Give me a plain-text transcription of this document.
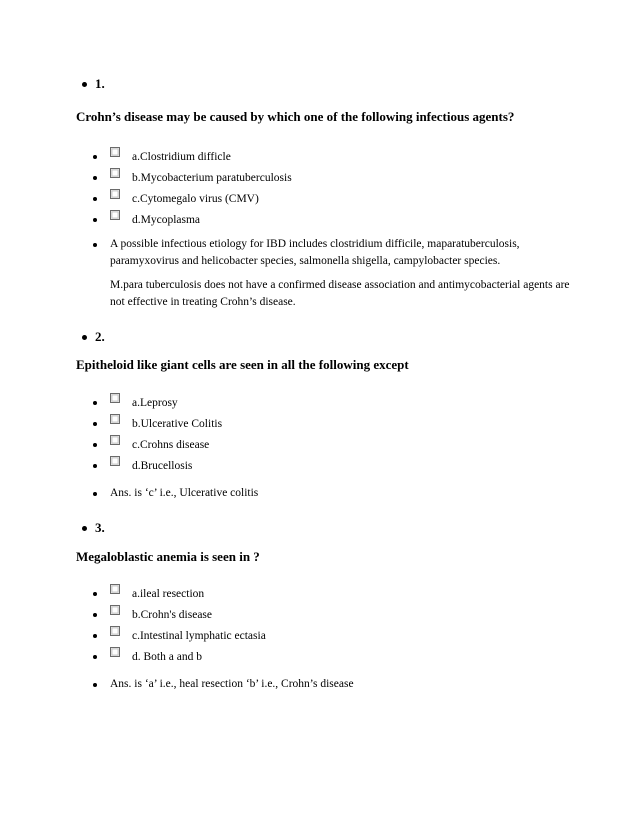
1.
Crohn’s disease may be caused by which one of the following infectious agents?
a.Clostridium difficle
b.Mycobacterium paratuberculosis
c.Cytomegalo virus (CMV)
d.Mycoplasma

A possible infectious etiology for IBD includes clostridium difficile, maparatuberculosis, paramyxovirus and helicobacter species, salmonella shigella, campylobacter species.

M.para tuberculosis does not have a confirmed disease association and antimycobacterial agents are not effective in treating Crohn’s disease.

2.
Epitheloid like giant cells are seen in all the following except
a.Leprosy
b.Ulcerative Colitis
c.Crohns disease
d.Brucellosis

Ans. is ‘c’ i.e., Ulcerative colitis

3.
Megaloblastic anemia is seen in ?
a.ileal resection
b.Crohn's disease
c.Intestinal lymphatic ectasia
d. Both a and b

Ans. is ‘a’ i.e., heal resection ‘b’ i.e., Crohn’s disease
